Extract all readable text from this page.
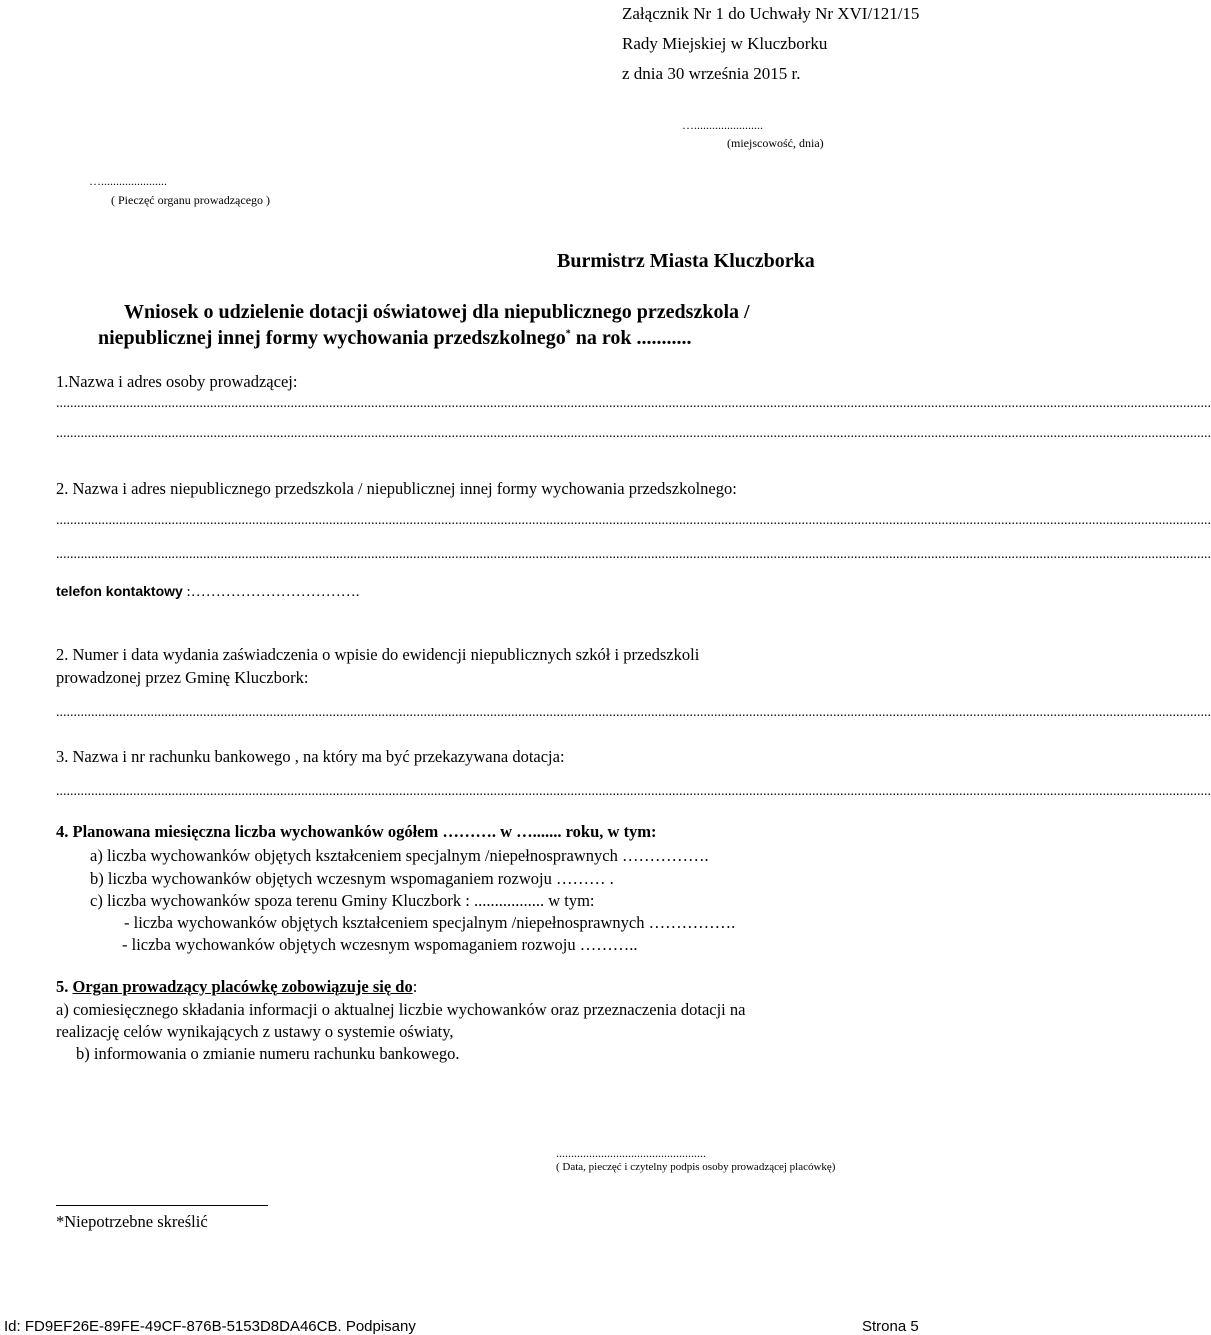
Załącznik Nr 1 do Uchwały Nr XVI/121/15
Rady Miejskiej w Kluczborku
z dnia 30 września 2015 r.
….......................
(miejscowość, dnia)
…......................
( Pieczęć organu prowadzącego )
Burmistrz Miasta Kluczborka
Wniosek o udzielenie dotacji oświatowej dla niepublicznego przedszkola /
niepublicznej innej formy wychowania przedszkolnego* na rok ...........
1.Nazwa i adres osoby prowadzącej:
..........................................................................................................................................................................................................................................................................................................................................
..........................................................................................................................................................................................................................................................................................................................................
2. Nazwa i adres niepublicznego przedszkola / niepublicznej innej formy wychowania przedszkolnego:
..........................................................................................................................................................................................................................................................................................................................................
..........................................................................................................................................................................................................................................................................................................................................
telefon kontaktowy :…………………………….
2. Numer i data wydania zaświadczenia o wpisie do ewidencji niepublicznych szkół i przedszkoli
prowadzonej przez Gminę Kluczbork:
..........................................................................................................................................................................................................................................................................................................................................
3. Nazwa i nr rachunku bankowego , na który ma być przekazywana dotacja:
..........................................................................................................................................................................................................................................................................................................................................
4. Planowana miesięczna liczba wychowanków ogółem ………. w …....... roku, w tym:
a) liczba wychowanków objętych kształceniem specjalnym /niepełnosprawnych …………….
b) liczba wychowanków objętych wczesnym wspomaganiem rozwoju ……… .
c) liczba wychowanków spoza terenu Gminy Kluczbork : ................. w tym:
- liczba wychowanków objętych kształceniem specjalnym /niepełnosprawnych …………….
- liczba wychowanków objętych wczesnym wspomaganiem rozwoju ………..
5. Organ prowadzący placówkę zobowiązuje się do:
a) comiesięcznego składania informacji o aktualnej liczbie wychowanków oraz przeznaczenia dotacji na
realizację celów wynikających z ustawy o systemie oświaty,
b) informowania o zmianie numeru rachunku bankowego.
..................................................
( Data, pieczęć i czytelny podpis osoby prowadzącej placówkę)
*Niepotrzebne skreślić
Id: FD9EF26E-89FE-49CF-876B-5153D8DA46CB. Podpisany	Strona 5
